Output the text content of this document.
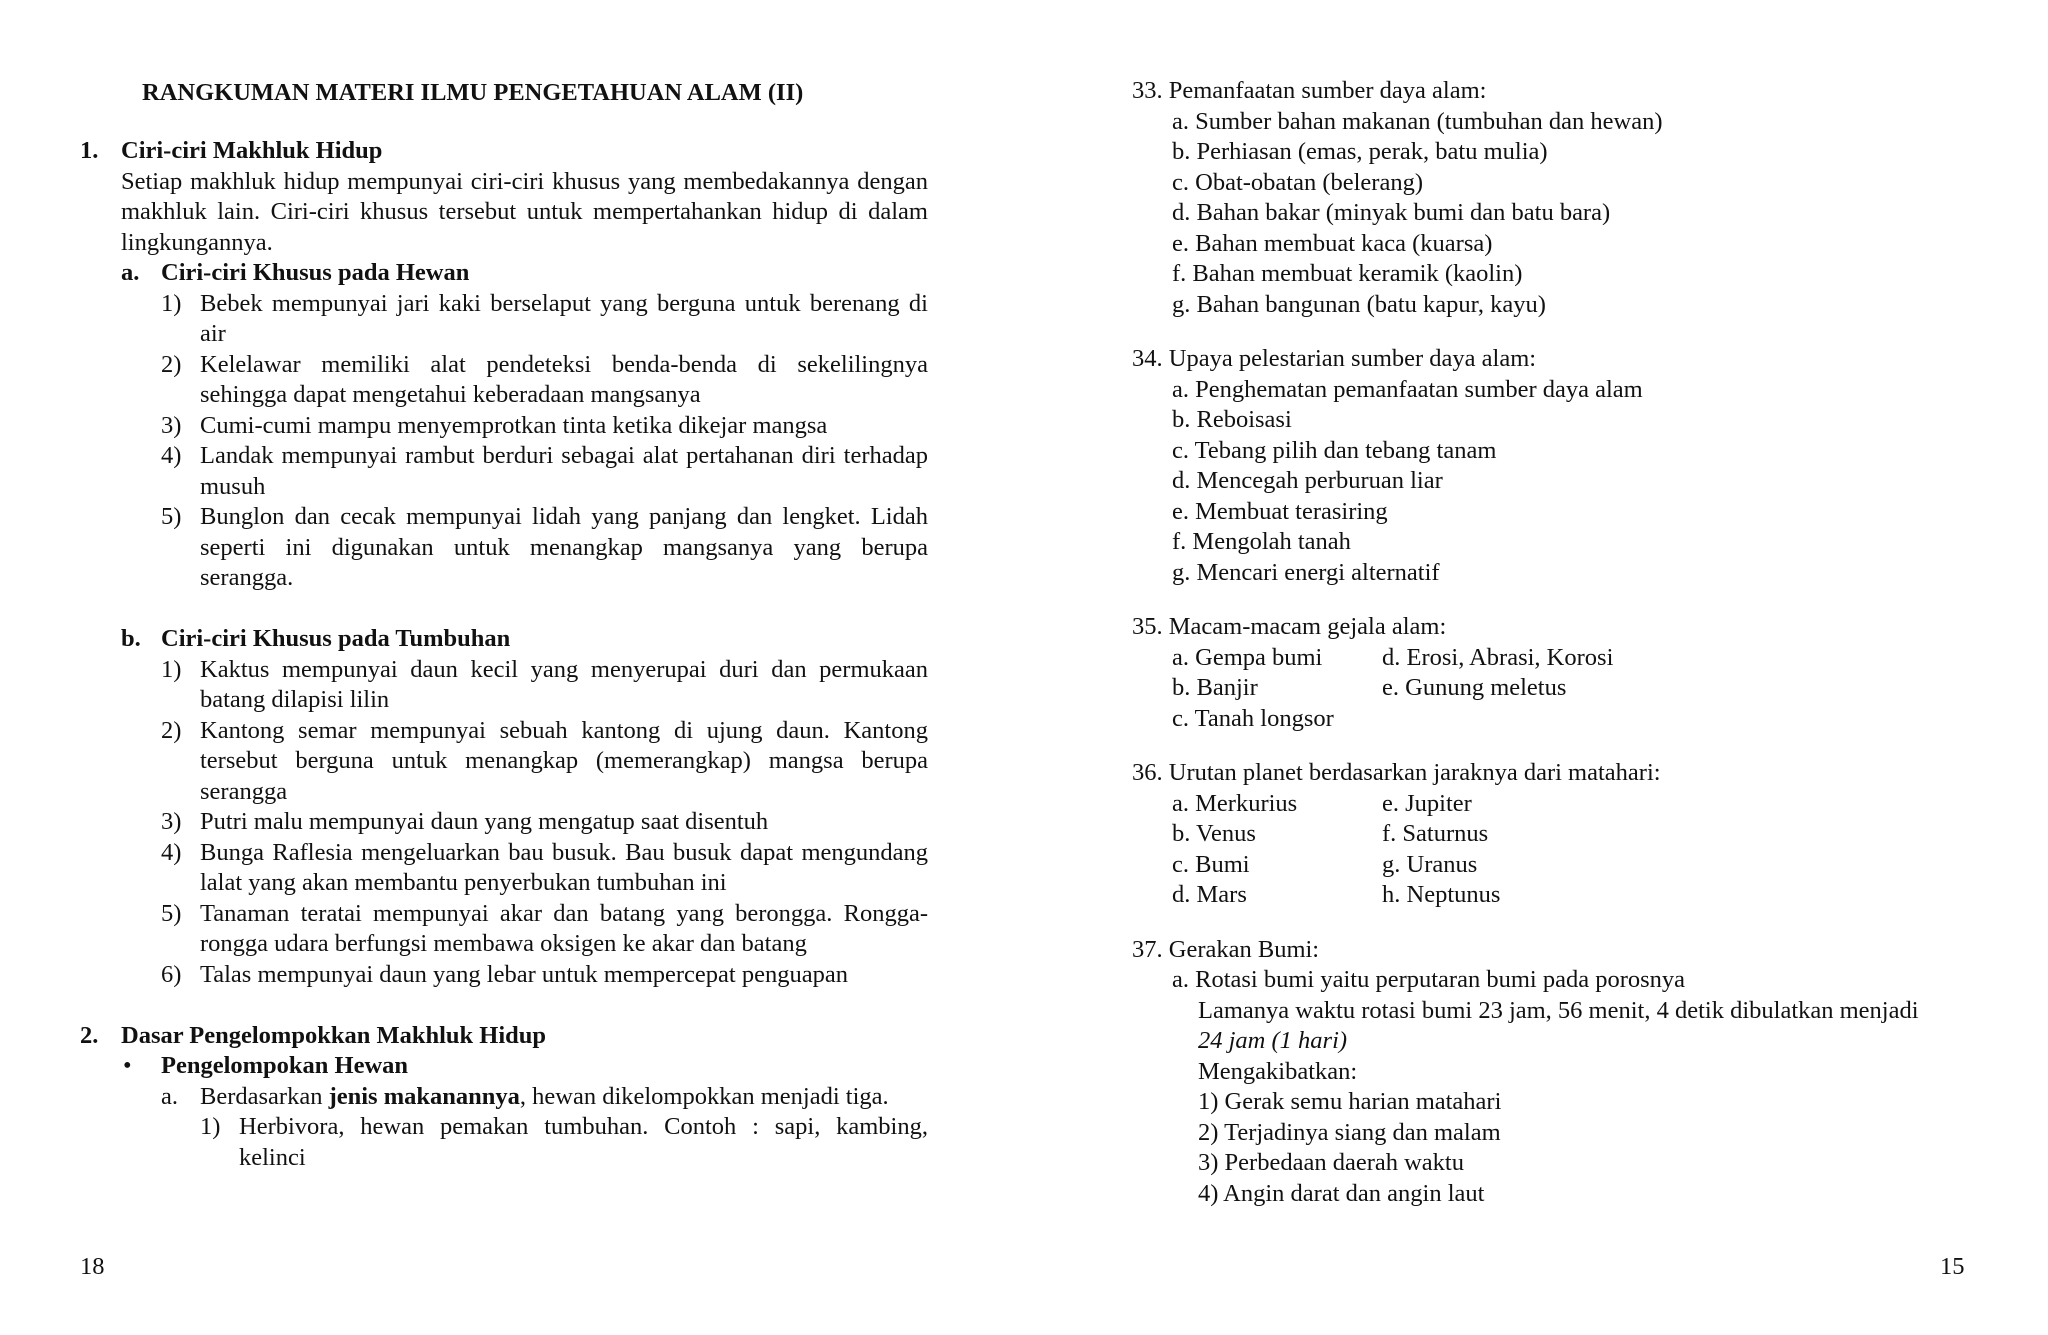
RANGKUMAN MATERI ILMU PENGETAHUAN ALAM (II)
1. Ciri-ciri Makhluk Hidup
Setiap makhluk hidup mempunyai ciri-ciri khusus yang membedakannya dengan makhluk lain. Ciri-ciri khusus tersebut untuk mempertahankan hidup di dalam lingkungannya.
a. Ciri-ciri Khusus pada Hewan
1) Bebek mempunyai jari kaki berselaput yang berguna untuk berenang di air
2) Kelelawar memiliki alat pendeteksi benda-benda di sekelilingnya sehingga dapat mengetahui keberadaan mangsanya
3) Cumi-cumi mampu menyemprotkan tinta ketika dikejar mangsa
4) Landak mempunyai rambut berduri sebagai alat pertahanan diri terhadap musuh
5) Bunglon dan cecak mempunyai lidah yang panjang dan lengket. Lidah seperti ini digunakan untuk menangkap mangsanya yang berupa serangga.
b. Ciri-ciri Khusus pada Tumbuhan
1) Kaktus mempunyai daun kecil yang menyerupai duri dan permukaan batang dilapisi lilin
2) Kantong semar mempunyai sebuah kantong di ujung daun. Kantong tersebut berguna untuk menangkap (memerangkap) mangsa berupa serangga
3) Putri malu mempunyai daun yang mengatup saat disentuh
4) Bunga Raflesia mengeluarkan bau busuk. Bau busuk dapat mengundang lalat yang akan membantu penyerbukan tumbuhan ini
5) Tanaman teratai mempunyai akar dan batang yang berongga. Rongga-rongga udara berfungsi membawa oksigen ke akar dan batang
6) Talas mempunyai daun yang lebar untuk mempercepat penguapan
2. Dasar Pengelompokkan Makhluk Hidup
•	Pengelompokan Hewan
a. Berdasarkan jenis makanannya, hewan dikelompokkan menjadi tiga.
1) Herbivora, hewan pemakan tumbuhan. Contoh : sapi, kambing, kelinci
18
33. Pemanfaatan sumber daya alam:
a. Sumber bahan makanan (tumbuhan dan hewan)
b. Perhiasan (emas, perak, batu mulia)
c. Obat-obatan (belerang)
d. Bahan bakar (minyak bumi dan batu bara)
e. Bahan membuat kaca (kuarsa)
f. Bahan membuat keramik (kaolin)
g. Bahan bangunan (batu kapur, kayu)
34. Upaya pelestarian sumber daya alam:
a. Penghematan pemanfaatan sumber daya alam
b. Reboisasi
c. Tebang pilih dan tebang tanam
d. Mencegah perburuan liar
e. Membuat terasiring
f. Mengolah tanah
g. Mencari energi alternatif
35. Macam-macam gejala alam:
a. Gempa bumi	d. Erosi, Abrasi, Korosi
b. Banjir	e. Gunung meletus
c. Tanah longsor
36. Urutan planet berdasarkan jaraknya dari matahari:
a. Merkurius	e. Jupiter
b. Venus	f. Saturnus
c. Bumi	g. Uranus
d. Mars	h. Neptunus
37. Gerakan Bumi:
a. Rotasi bumi yaitu perputaran bumi pada porosnya
Lamanya waktu rotasi bumi 23 jam, 56 menit, 4 detik dibulatkan menjadi
24 jam (1 hari)
Mengakibatkan:
1) Gerak semu harian matahari
2) Terjadinya siang dan malam
3) Perbedaan daerah waktu
4) Angin darat dan angin laut
15
